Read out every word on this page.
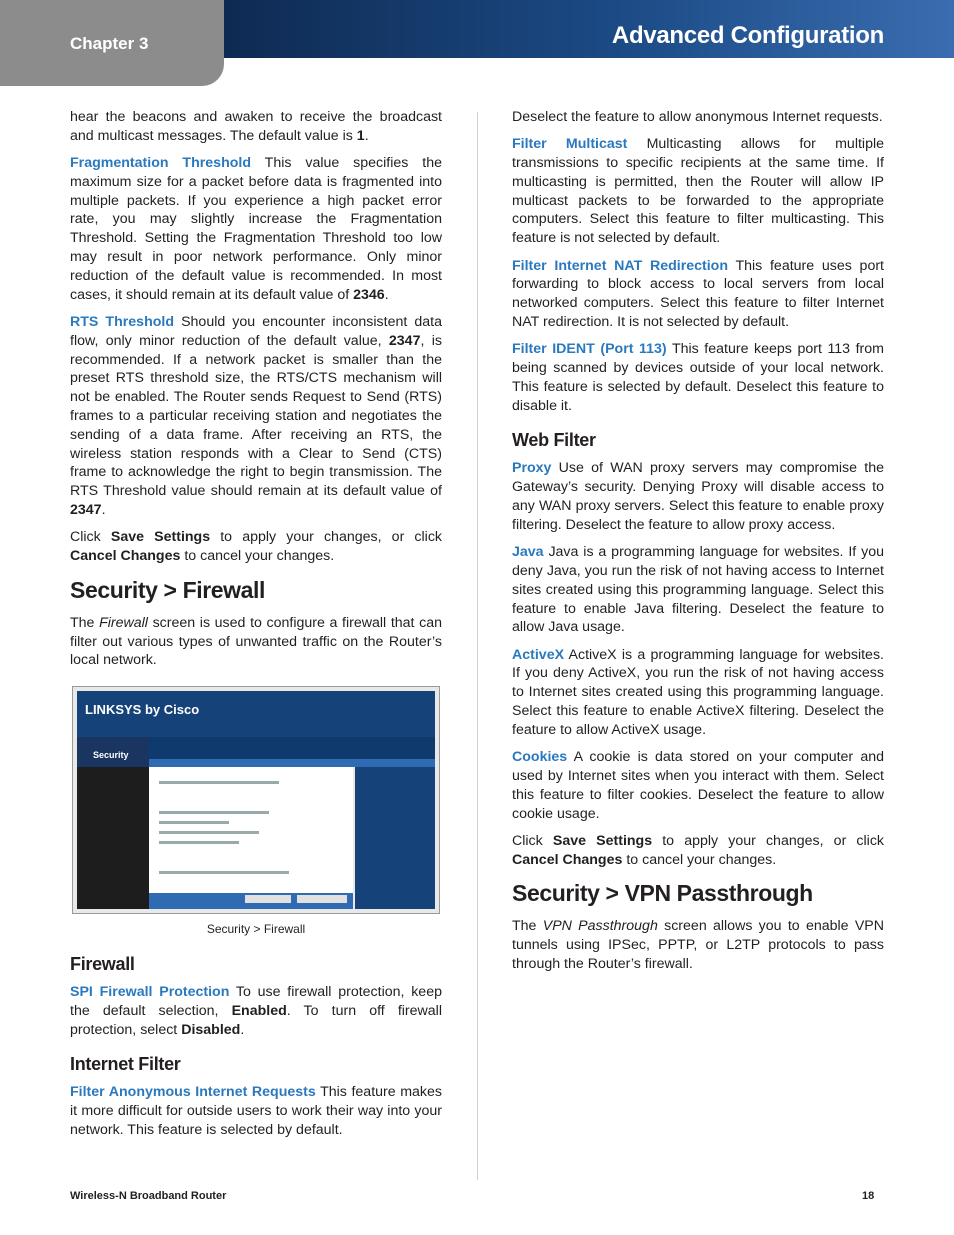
Chapter 3	Advanced Configuration

hear the beacons and awaken to receive the broadcast and multicast messages. The default value is 1.

Fragmentation Threshold This value specifies the maximum size for a packet before data is fragmented into multiple packets. If you experience a high packet error rate, you may slightly increase the Fragmentation Threshold. Setting the Fragmentation Threshold too low may result in poor network performance. Only minor reduction of the default value is recommended. In most cases, it should remain at its default value of 2346.

RTS Threshold Should you encounter inconsistent data flow, only minor reduction of the default value, 2347, is recommended. If a network packet is smaller than the preset RTS threshold size, the RTS/CTS mechanism will not be enabled. The Router sends Request to Send (RTS) frames to a particular receiving station and negotiates the sending of a data frame. After receiving an RTS, the wireless station responds with a Clear to Send (CTS) frame to acknowledge the right to begin transmission. The RTS Threshold value should remain at its default value of 2347.

Click Save Settings to apply your changes, or click Cancel Changes to cancel your changes.

Security > Firewall

The Firewall screen is used to configure a firewall that can filter out various types of unwanted traffic on the Router’s local network.

LINKSYS by Cisco
Security

Security > Firewall

Firewall

SPI Firewall Protection To use firewall protection, keep the default selection, Enabled. To turn off firewall protection, select Disabled.

Internet Filter

Filter Anonymous Internet Requests This feature makes it more difficult for outside users to work their way into your network. This feature is selected by default.

Deselect the feature to allow anonymous Internet requests.

Filter Multicast Multicasting allows for multiple transmissions to specific recipients at the same time. If multicasting is permitted, then the Router will allow IP multicast packets to be forwarded to the appropriate computers. Select this feature to filter multicasting. This feature is not selected by default.

Filter Internet NAT Redirection This feature uses port forwarding to block access to local servers from local networked computers. Select this feature to filter Internet NAT redirection. It is not selected by default.

Filter IDENT (Port 113) This feature keeps port 113 from being scanned by devices outside of your local network. This feature is selected by default. Deselect this feature to disable it.

Web Filter

Proxy Use of WAN proxy servers may compromise the Gateway’s security. Denying Proxy will disable access to any WAN proxy servers. Select this feature to enable proxy filtering. Deselect the feature to allow proxy access.

Java Java is a programming language for websites. If you deny Java, you run the risk of not having access to Internet sites created using this programming language. Select this feature to enable Java filtering. Deselect the feature to allow Java usage.

ActiveX ActiveX is a programming language for websites. If you deny ActiveX, you run the risk of not having access to Internet sites created using this programming language. Select this feature to enable ActiveX filtering. Deselect the feature to allow ActiveX usage.

Cookies A cookie is data stored on your computer and used by Internet sites when you interact with them. Select this feature to filter cookies. Deselect the feature to allow cookie usage.

Click Save Settings to apply your changes, or click Cancel Changes to cancel your changes.

Security > VPN Passthrough

The VPN Passthrough screen allows you to enable VPN tunnels using IPSec, PPTP, or L2TP protocols to pass through the Router’s firewall.

Wireless-N Broadband Router	18
